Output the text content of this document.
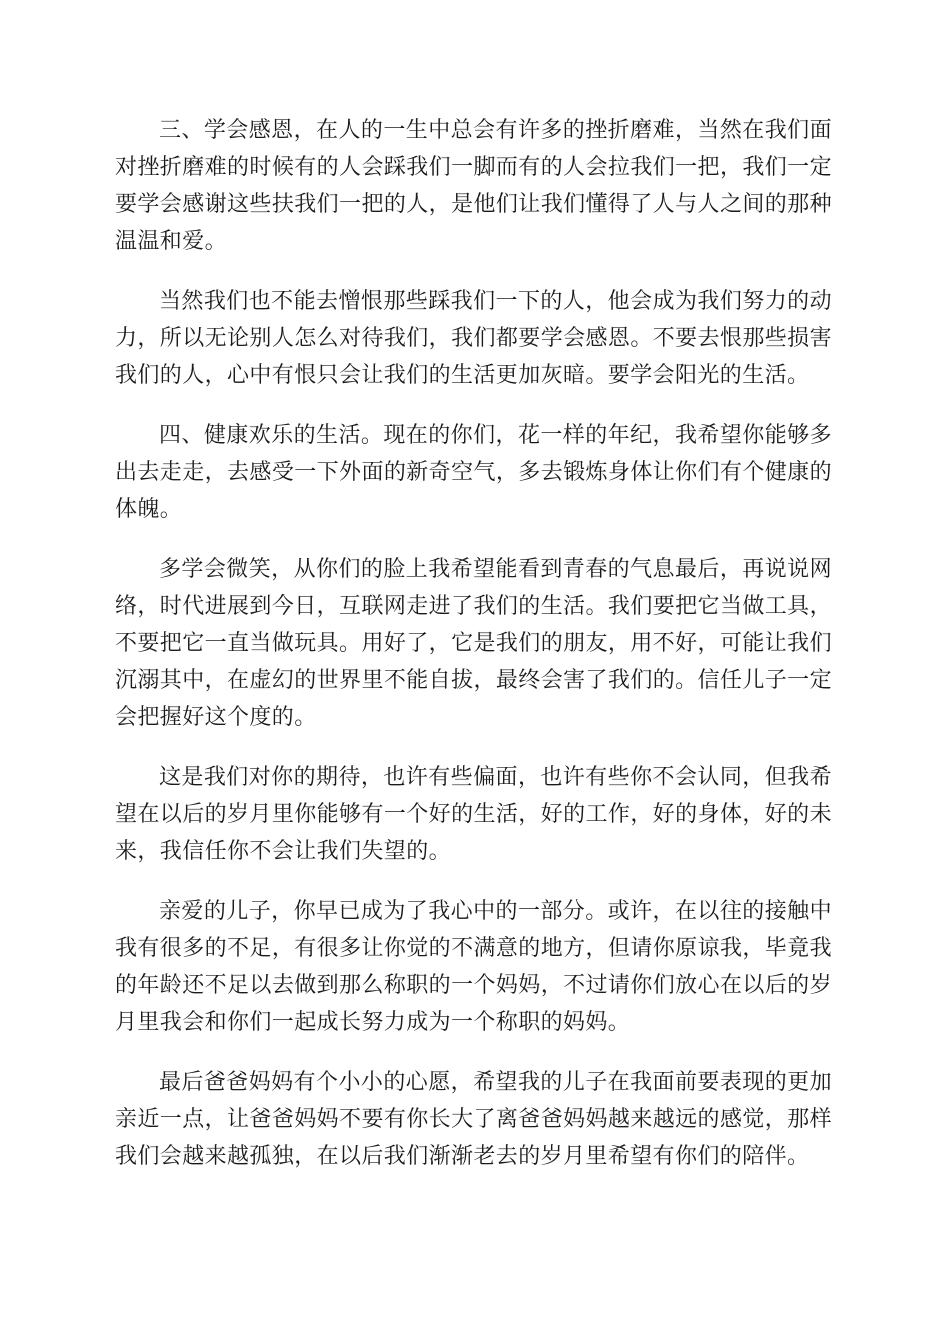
三、学会感恩，在人的一生中总会有许多的挫折磨难，当然在我们面对挫折磨难的时候有的人会踩我们一脚而有的人会拉我们一把，我们一定要学会感谢这些扶我们一把的人，是他们让我们懂得了人与人之间的那种温温和爱。

当然我们也不能去憎恨那些踩我们一下的人，他会成为我们努力的动力，所以无论别人怎么对待我们，我们都要学会感恩。不要去恨那些损害我们的人，心中有恨只会让我们的生活更加灰暗。要学会阳光的生活。

四、健康欢乐的生活。现在的你们，花一样的年纪，我希望你能够多出去走走，去感受一下外面的新奇空气，多去锻炼身体让你们有个健康的体魄。

多学会微笑，从你们的脸上我希望能看到青春的气息最后，再说说网络，时代进展到今日，互联网走进了我们的生活。我们要把它当做工具，不要把它一直当做玩具。用好了，它是我们的朋友，用不好，可能让我们沉溺其中，在虚幻的世界里不能自拔，最终会害了我们的。信任儿子一定会把握好这个度的。

这是我们对你的期待，也许有些偏面，也许有些你不会认同，但我希望在以后的岁月里你能够有一个好的生活，好的工作，好的身体，好的未来，我信任你不会让我们失望的。

亲爱的儿子，你早已成为了我心中的一部分。或许，在以往的接触中我有很多的不足，有很多让你觉的不满意的地方，但请你原谅我，毕竟我的年龄还不足以去做到那么称职的一个妈妈，不过请你们放心在以后的岁月里我会和你们一起成长努力成为一个称职的妈妈。

最后爸爸妈妈有个小小的心愿，希望我的儿子在我面前要表现的更加亲近一点，让爸爸妈妈不要有你长大了离爸爸妈妈越来越远的感觉，那样我们会越来越孤独，在以后我们渐渐老去的岁月里希望有你们的陪伴。
